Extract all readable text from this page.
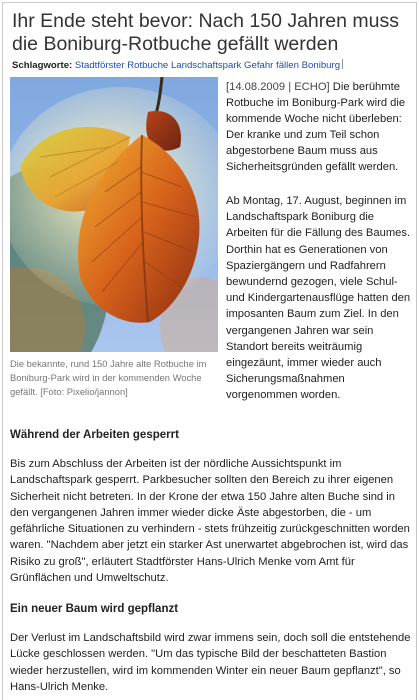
Ihr Ende steht bevor: Nach 150 Jahren muss die Boniburg-Rotbuche gefällt werden
Schlagworte: Stadtförster Rotbuche Landschaftspark Gefahr fällen Boniburg
Die bekannte, rund 150 Jahre alte Rotbuche im Boniburg-Park wird in der kommenden Woche gefällt. [Foto: Pixelio/jannon]
[14.08.2009 | ECHO] Die berühmte Rotbuche im Boniburg-Park wird die kommende Woche nicht überleben: Der kranke und zum Teil schon abgestorbene Baum muss aus Sicherheitsgründen gefällt werden.

Ab Montag, 17. August, beginnen im Landschaftspark Boniburg die Arbeiten für die Fällung des Baumes. Dorthin hat es Generationen von Spaziergängern und Radfahrern bewundernd gezogen, viele Schul- und Kindergartenausflüge hatten den imposanten Baum zum Ziel. In den vergangenen Jahren war sein Standort bereits weiträumig eingezäunt, immer wieder auch Sicherungsmaßnahmen vorgenommen worden.

Während der Arbeiten gesperrt

Bis zum Abschluss der Arbeiten ist der nördliche Aussichtspunkt im Landschaftspark gesperrt. Parkbesucher sollten den Bereich zu ihrer eigenen Sicherheit nicht betreten. In der Krone der etwa 150 Jahre alten Buche sind in den vergangenen Jahren immer wieder dicke Äste abgestorben, die - um gefährliche Situationen zu verhindern - stets frühzeitig zurückgeschnitten worden waren. "Nachdem aber jetzt ein starker Ast unerwartet abgebrochen ist, wird das Risiko zu groß", erläutert Stadtförster Hans-Ulrich Menke vom Amt für Grünflächen und Umweltschutz.

Ein neuer Baum wird gepflanzt

Der Verlust im Landschaftsbild wird zwar immens sein, doch soll die entstehende Lücke geschlossen werden. "Um das typische Bild der beschatteten Bastion wieder herzustellen, wird im kommenden Winter ein neuer Baum gepflanzt", so Hans-Ulrich Menke.
